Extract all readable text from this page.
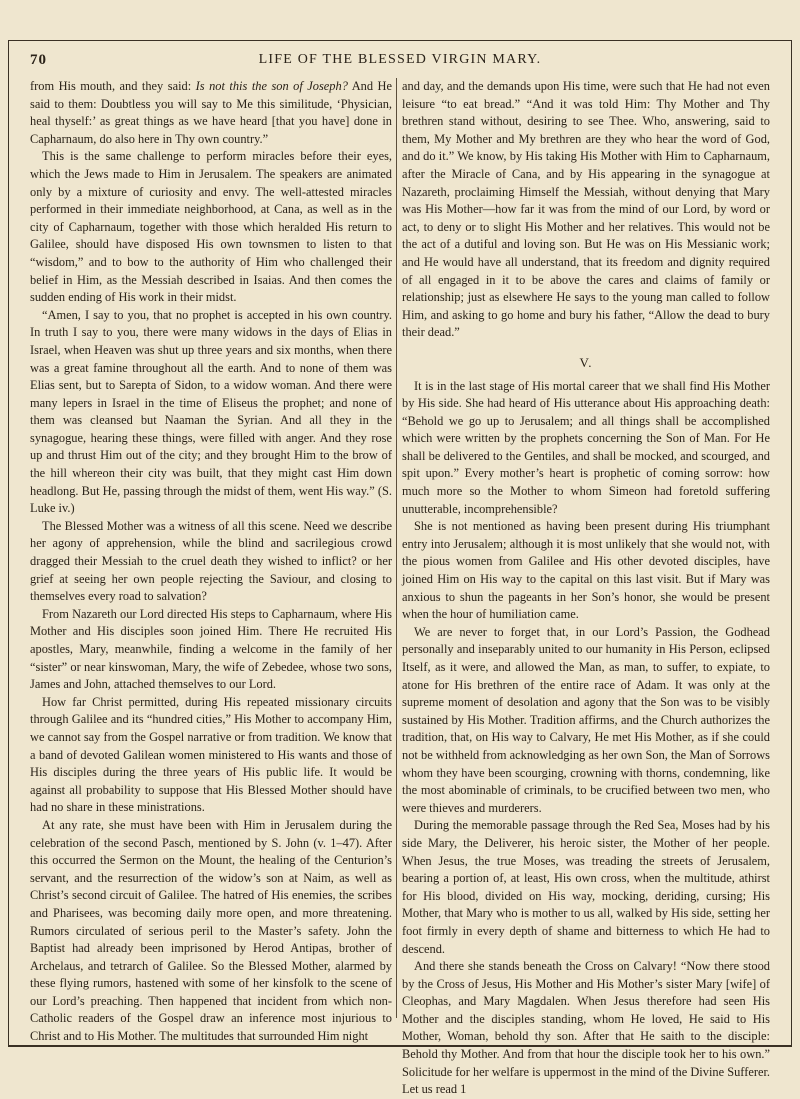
70	LIFE OF THE BLESSED VIRGIN MARY.

from His mouth, and they said: Is not this the son of Joseph? And He said to them: Doubtless you will say to Me this similitude, ‘Physician, heal thyself:’ as great things as we have heard [that you have] done in Capharnaum, do also here in Thy own country.”

This is the same challenge to perform miracles before their eyes, which the Jews made to Him in Jerusalem. The speakers are animated only by a mixture of curiosity and envy. The well-attested miracles performed in their immediate neighborhood, at Cana, as well as in the city of Capharnaum, together with those which heralded His return to Galilee, should have disposed His own townsmen to listen to that “wisdom,” and to bow to the authority of Him who challenged their belief in Him, as the Messiah described in Isaias. And then comes the sudden ending of His work in their midst.

“Amen, I say to you, that no prophet is accepted in his own country. In truth I say to you, there were many widows in the days of Elias in Israel, when Heaven was shut up three years and six months, when there was a great famine throughout all the earth. And to none of them was Elias sent, but to Sarepta of Sidon, to a widow woman. And there were many lepers in Israel in the time of Eliseus the prophet; and none of them was cleansed but Naaman the Syrian. And all they in the synagogue, hearing these things, were filled with anger. And they rose up and thrust Him out of the city; and they brought Him to the brow of the hill whereon their city was built, that they might cast Him down headlong. But He, passing through the midst of them, went His way.” (S. Luke iv.)

The Blessed Mother was a witness of all this scene. Need we describe her agony of apprehension, while the blind and sacrilegious crowd dragged their Messiah to the cruel death they wished to inflict? or her grief at seeing her own people rejecting the Saviour, and closing to themselves every road to salvation?

From Nazareth our Lord directed His steps to Capharnaum, where His Mother and His disciples soon joined Him. There He recruited His apostles, Mary, meanwhile, finding a welcome in the family of her “sister” or near kinswoman, Mary, the wife of Zebedee, whose two sons, James and John, attached themselves to our Lord.

How far Christ permitted, during His repeated missionary circuits through Galilee and its “hundred cities,” His Mother to accompany Him, we cannot say from the Gospel narrative or from tradition. We know that a band of devoted Galilean women ministered to His wants and those of His disciples during the three years of His public life. It would be against all probability to suppose that His Blessed Mother should have had no share in these ministrations.

At any rate, she must have been with Him in Jerusalem during the celebration of the second Pasch, mentioned by S. John (v. 1–47). After this occurred the Sermon on the Mount, the healing of the Centurion’s servant, and the resurrection of the widow’s son at Naim, as well as Christ’s second circuit of Galilee. The hatred of His enemies, the scribes and Pharisees, was becoming daily more open, and more threatening. Rumors circulated of serious peril to the Master’s safety. John the Baptist had already been imprisoned by Herod Antipas, brother of Archelaus, and tetrarch of Galilee. So the Blessed Mother, alarmed by these flying rumors, hastened with some of her kinsfolk to the scene of our Lord’s preaching. Then happened that incident from which non-Catholic readers of the Gospel draw an inference most injurious to Christ and to His Mother. The multitudes that surrounded Him night

and day, and the demands upon His time, were such that He had not even leisure “to eat bread.” “And it was told Him: Thy Mother and Thy brethren stand without, desiring to see Thee. Who, answering, said to them, My Mother and My brethren are they who hear the word of God, and do it.” We know, by His taking His Mother with Him to Capharnaum, after the Miracle of Cana, and by His appearing in the synagogue at Nazareth, proclaiming Himself the Messiah, without denying that Mary was His Mother—how far it was from the mind of our Lord, by word or act, to deny or to slight His Mother and her relatives. This would not be the act of a dutiful and loving son. But He was on His Messianic work; and He would have all understand, that its freedom and dignity required of all engaged in it to be above the cares and claims of family or relationship; just as elsewhere He says to the young man called to follow Him, and asking to go home and bury his father, “Allow the dead to bury their dead.”

V.

It is in the last stage of His mortal career that we shall find His Mother by His side. She had heard of His utterance about His approaching death: “Behold we go up to Jerusalem; and all things shall be accomplished which were written by the prophets concerning the Son of Man. For He shall be delivered to the Gentiles, and shall be mocked, and scourged, and spit upon.” Every mother’s heart is prophetic of coming sorrow: how much more so the Mother to whom Simeon had foretold suffering unutterable, incomprehensible?

She is not mentioned as having been present during His triumphant entry into Jerusalem; although it is most unlikely that she would not, with the pious women from Galilee and His other devoted disciples, have joined Him on His way to the capital on this last visit. But if Mary was anxious to shun the pageants in her Son’s honor, she would be present when the hour of humiliation came.

We are never to forget that, in our Lord’s Passion, the Godhead personally and inseparably united to our humanity in His Person, eclipsed Itself, as it were, and allowed the Man, as man, to suffer, to expiate, to atone for His brethren of the entire race of Adam. It was only at the supreme moment of desolation and agony that the Son was to be visibly sustained by His Mother. Tradition affirms, and the Church authorizes the tradition, that, on His way to Calvary, He met His Mother, as if she could not be withheld from acknowledging as her own Son, the Man of Sorrows whom they have been scourging, crowning with thorns, condemning, like the most abominable of criminals, to be crucified between two men, who were thieves and murderers.

During the memorable passage through the Red Sea, Moses had by his side Mary, the Deliverer, his heroic sister, the Mother of her people. When Jesus, the true Moses, was treading the streets of Jerusalem, bearing a portion of, at least, His own cross, when the multitude, athirst for His blood, divided on His way, mocking, deriding, cursing; His Mother, that Mary who is mother to us all, walked by His side, setting her foot firmly in every depth of shame and bitterness to which He had to descend.

And there she stands beneath the Cross on Calvary! “Now there stood by the Cross of Jesus, His Mother and His Mother’s sister Mary [wife] of Cleophas, and Mary Magdalen. When Jesus therefore had seen His Mother and the disciples standing, whom He loved, He said to His Mother, Woman, behold thy son. After that He saith to the disciple: Behold thy Mother. And from that hour the disciple took her to his own.” Solicitude for her welfare is uppermost in the mind of the Divine Sufferer. Let us read 1
